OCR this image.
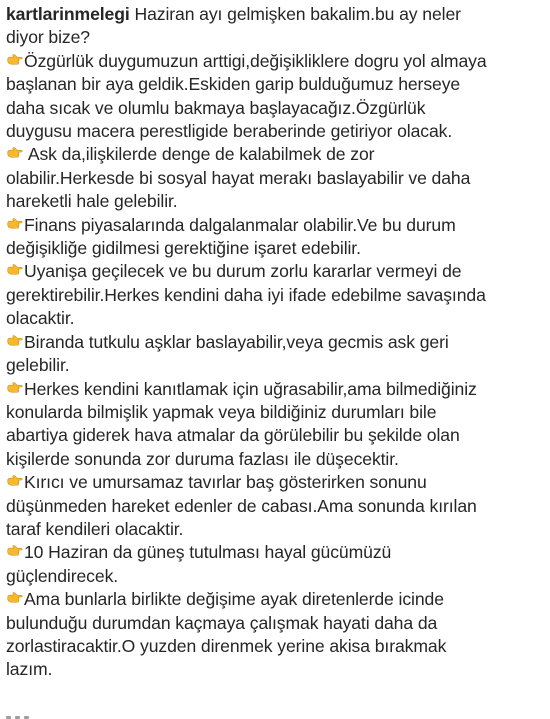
kartlarinmelegi Haziran ayı gelmişken bakalim.bu ay neler
diyor bize?
Özgürlük duygumuzun arttigi,değişikliklere dogru yol almaya
başlanan bir aya geldik.Eskiden garip bulduğumuz herseye
daha sıcak ve olumlu bakmaya başlayacağız.Özgürlük
duygusu macera perestligide beraberinde getiriyor olacak.
Ask da,ilişkilerde denge de kalabilmek de zor
olabilir.Herkesde bi sosyal hayat merakı baslayabilir ve daha
hareketli hale gelebilir.
Finans piyasalarında dalgalanmalar olabilir.Ve bu durum
değişikliğe gidilmesi gerektiğine işaret edebilir.
Uyanişa geçilecek ve bu durum zorlu kararlar vermeyi de
gerektirebilir.Herkes kendini daha iyi ifade edebilme savaşında
olacaktir.
Biranda tutkulu aşklar baslayabilir,veya gecmis ask geri
gelebilir.
Herkes kendini kanıtlamak için uğrasabilir,ama bilmediğiniz
konularda bilmişlik yapmak veya bildiğiniz durumları bile
abartiya giderek hava atmalar da görülebilir bu şekilde olan
kişilerde sonunda zor duruma fazlası ile düşecektir.
Kırıcı ve umursamaz tavırlar baş gösterirken sonunu
düşünmeden hareket edenler de cabası.Ama sonunda kırılan
taraf kendileri olacaktir.
10 Haziran da güneş tutulması hayal gücümüzü
güçlendirecek.
Ama bunlarla birlikte değişime ayak diretenlerde icinde
bulunduğu durumdan kaçmaya çalışmak hayati daha da
zorlastiracaktir.O yuzden direnmek yerine akisa bırakmak
lazım.
